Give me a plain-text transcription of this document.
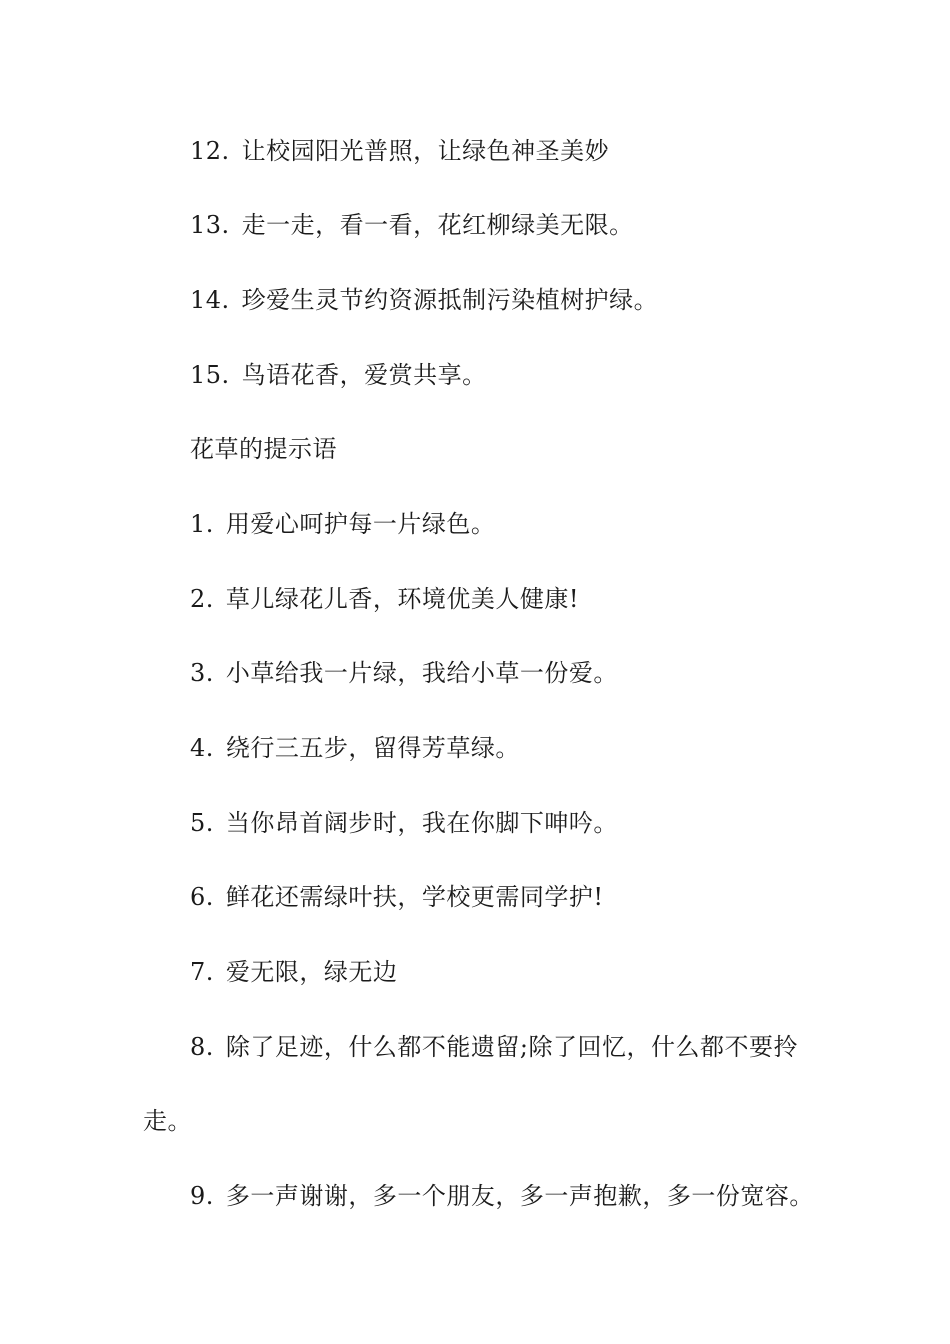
12. 让校园阳光普照，让绿色神圣美妙
13. 走一走，看一看，花红柳绿美无限。
14. 珍爱生灵节约资源抵制污染植树护绿。
15. 鸟语花香，爱赏共享。
花草的提示语
1. 用爱心呵护每一片绿色。
2. 草儿绿花儿香，环境优美人健康!
3. 小草给我一片绿，我给小草一份爱。
4. 绕行三五步，留得芳草绿。
5. 当你昂首阔步时，我在你脚下呻吟。
6. 鲜花还需绿叶扶，学校更需同学护!
7. 爱无限，绿无边
8. 除了足迹，什么都不能遗留;除了回忆，什么都不要拎
走。
9. 多一声谢谢，多一个朋友，多一声抱歉，多一份宽容。
